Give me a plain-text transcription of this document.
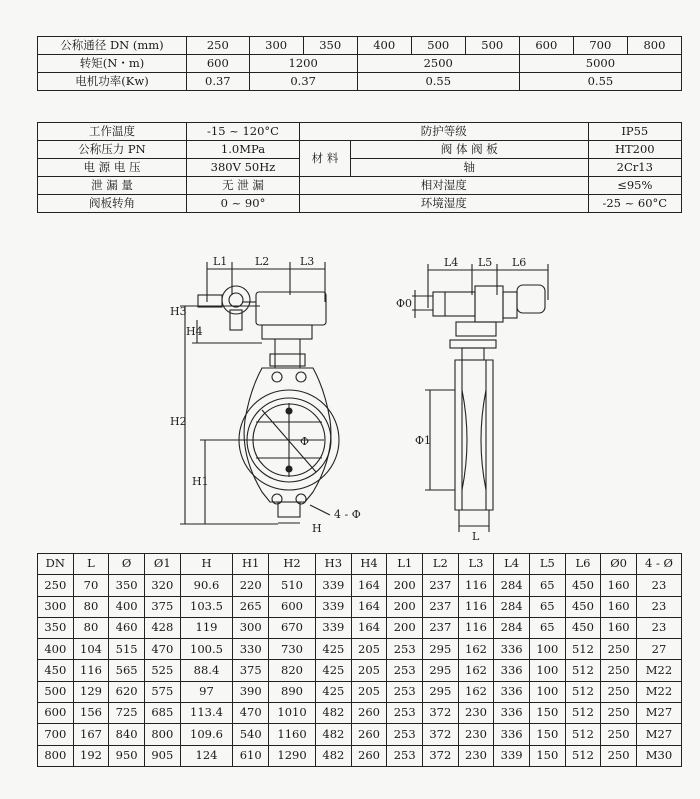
公称通径 DN (mm)	250	300	350	400	500	500	600	700	800
转矩(N・m)	600	1200		2500			5000		
电机功率(Kw)	0.37	0.37		0.55			0.55		
工作温度	-15 ~ 120°C	防护等级		IP55
公称压力 PN	1.0MPa	材 料	阀 体 阀 板	HT200
电 源 电 压	380V 50Hz		轴	2Cr13
泄 漏 量	无 泄 漏	相对湿度		≤95%
阀板转角	0 ~ 90°	环境湿度		-25 ~ 60°C
L1	L2	L3
H3
H4
H2
H1
Φ
H
4 - Φ
L4 L5 L6
Φ0
Φ1
L
DN	L	Ø	Ø1	H	H1	H2	H3	H4	L1	L2	L3	L4	L5	L6	Ø0	4 - Ø
250	70	350	320	90.6	220	510	339	164	200	237	116	284	65	450	160	23
300	80	400	375	103.5	265	600	339	164	200	237	116	284	65	450	160	23
350	80	460	428	119	300	670	339	164	200	237	116	284	65	450	160	23
400	104	515	470	100.5	330	730	425	205	253	295	162	336	100	512	250	27
450	116	565	525	88.4	375	820	425	205	253	295	162	336	100	512	250	M22
500	129	620	575	97	390	890	425	205	253	295	162	336	100	512	250	M22
600	156	725	685	113.4	470	1010	482	260	253	372	230	336	150	512	250	M27
700	167	840	800	109.6	540	1160	482	260	253	372	230	336	150	512	250	M27
800	192	950	905	124	610	1290	482	260	253	372	230	339	150	512	250	M30
